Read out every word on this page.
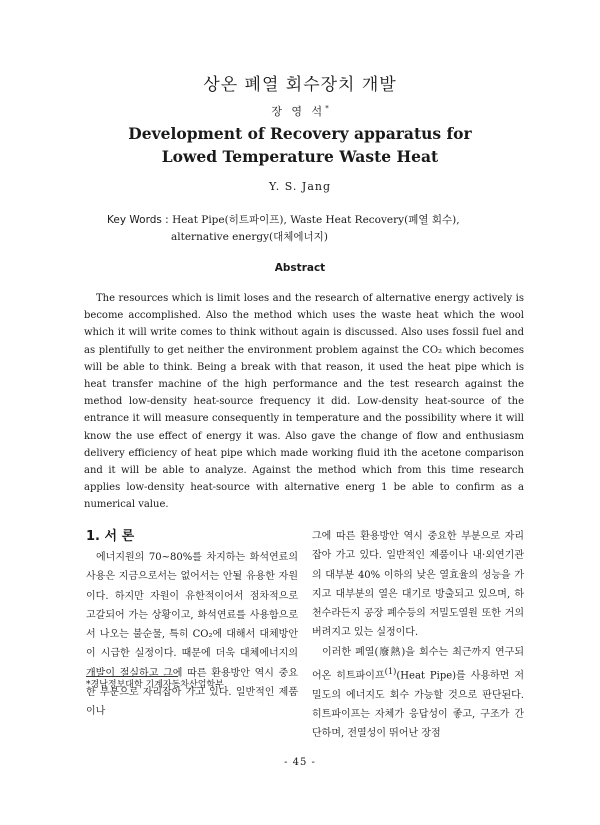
상온 폐열 회수장치 개발
장 영 석*
Development of Recovery apparatus for
Lowed Temperature Waste Heat
Y. S. Jang
Key Words : Heat Pipe(히트파이프), Waste Heat Recovery(폐열 회수),
alternative energy(대체에너지)
Abstract

The resources which is limit loses and the research of alternative energy actively is become accomplished. Also the method which uses the waste heat which the wool which it will write comes to think without again is discussed. Also uses fossil fuel and as plentifully to get neither the environment problem against the CO₂ which becomes will be able to think. Being a break with that reason, it used the heat pipe which is heat transfer machine of the high performance and the test research against the method low-density heat-source frequency it did. Low-density heat-source of the entrance it will measure consequently in temperature and the possibility where it will know the use effect of energy it was. Also gave the change of flow and enthusiasm delivery efficiency of heat pipe which made working fluid ith the acetone comparison and it will be able to analyze. Against the method which from this time research applies low-density heat-source with alternative energ 1 be able to confirm as a numerical value.

1. 서 론

에너지원의 70~80%를 차지하는 화석연료의 사용은 지금으로서는 없어서는 안될 유용한 자원이다. 하지만 자원이 유한적이어서 점차적으로 고갈되어 가는 상황이고, 화석연료를 사용함으로서 나오는 불순물, 특히 CO₂에 대해서 대체방안이 시급한 실정이다. 때문에 더욱 대체에너지의 개발이 절실하고 그에 따른 환용방안 역시 중요한 부분으로 자리잡아 가고 있다. 일반적인 제품이나

그에 따른 환용방안 역시 중요한 부분으로 자리잡아 가고 있다. 일반적인 제품이나 내·외연기관의 대부분 40% 이하의 낮은 열효율의 성능을 가지고 대부분의 열은 대기로 방출되고 있으며, 하천수라든지 공장 폐수등의 저밀도열원 또한 거의 버려지고 있는 실정이다.

이러한 폐열(廢熱)을 회수는 최근까지 연구되어온 히트파이프$^{(1)}$(Heat Pipe)를 사용하면 저밀도의 에너지도 회수 가능할 것으로 판단된다. 히트파이프는 자체가 응답성이 좋고, 구조가 간단하며, 전열성이 뛰어난 장점

*경남정보대학 기계자동차산업학부
- 45 -
